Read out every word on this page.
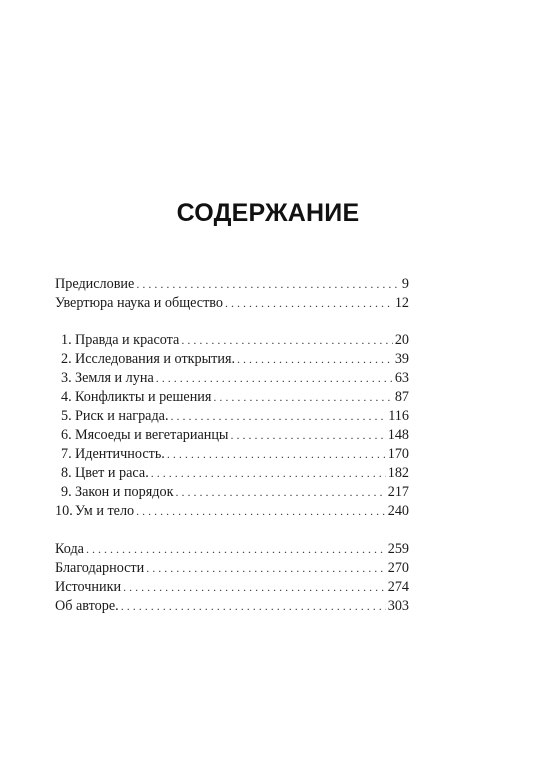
СОДЕРЖАНИЕ
Предисловие . . .	9
Увертюра наука и общество . . .	12
1. Правда и красота . . .	20
2. Исследования и открытия. . . .	39
3. Земля и луна . . .	63
4. Конфликты и решения . . .	87
5. Риск и награда. . . .	116
6. Мясоеды и вегетарианцы . . .	148
7. Идентичность. . . .	170
8. Цвет и раса. . . .	182
9. Закон и порядок . . .	217
10. Ум и тело . . .	240
Кода . . .	259
Благодарности . . .	270
Источники . . .	274
Об авторе. . . .	303
